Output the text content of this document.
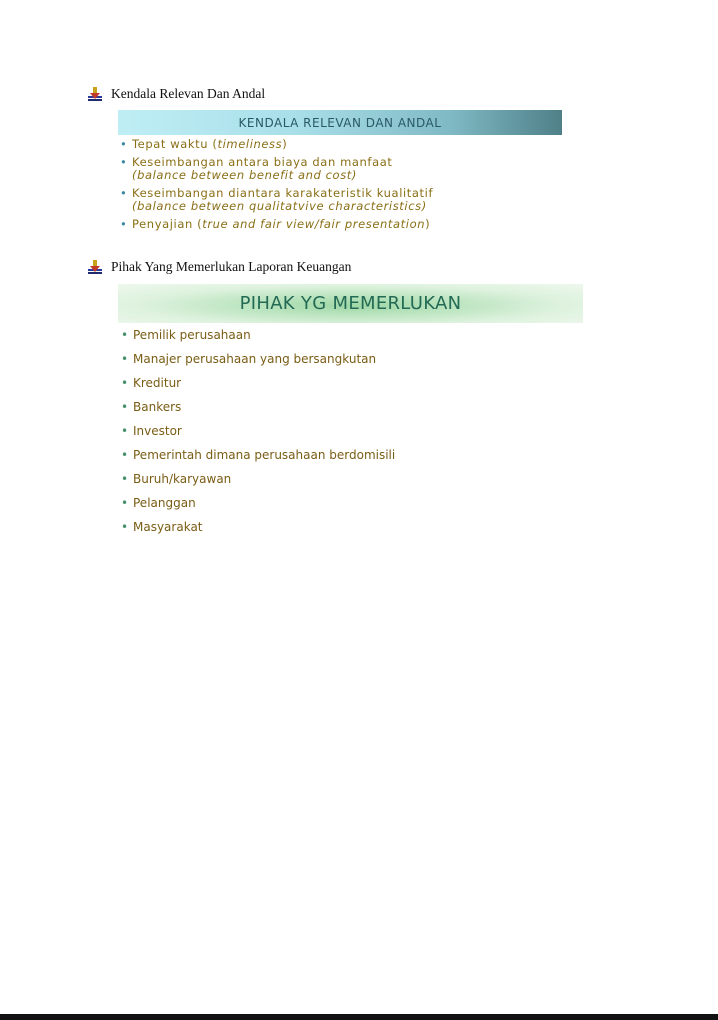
Kendala Relevan Dan Andal
KENDALA RELEVAN DAN ANDAL
• Tepat waktu (timeliness)
• Keseimbangan antara biaya dan manfaat
(balance between benefit and cost)
• Keseimbangan diantara karakateristik kualitatif
(balance between qualitatvive characteristics)
• Penyajian (true and fair view/fair presentation)
Pihak Yang Memerlukan Laporan Keuangan
PIHAK YG MEMERLUKAN
• Pemilik perusahaan
• Manajer perusahaan yang bersangkutan
• Kreditur
• Bankers
• Investor
• Pemerintah dimana perusahaan berdomisili
• Buruh/karyawan
• Pelanggan
• Masyarakat
